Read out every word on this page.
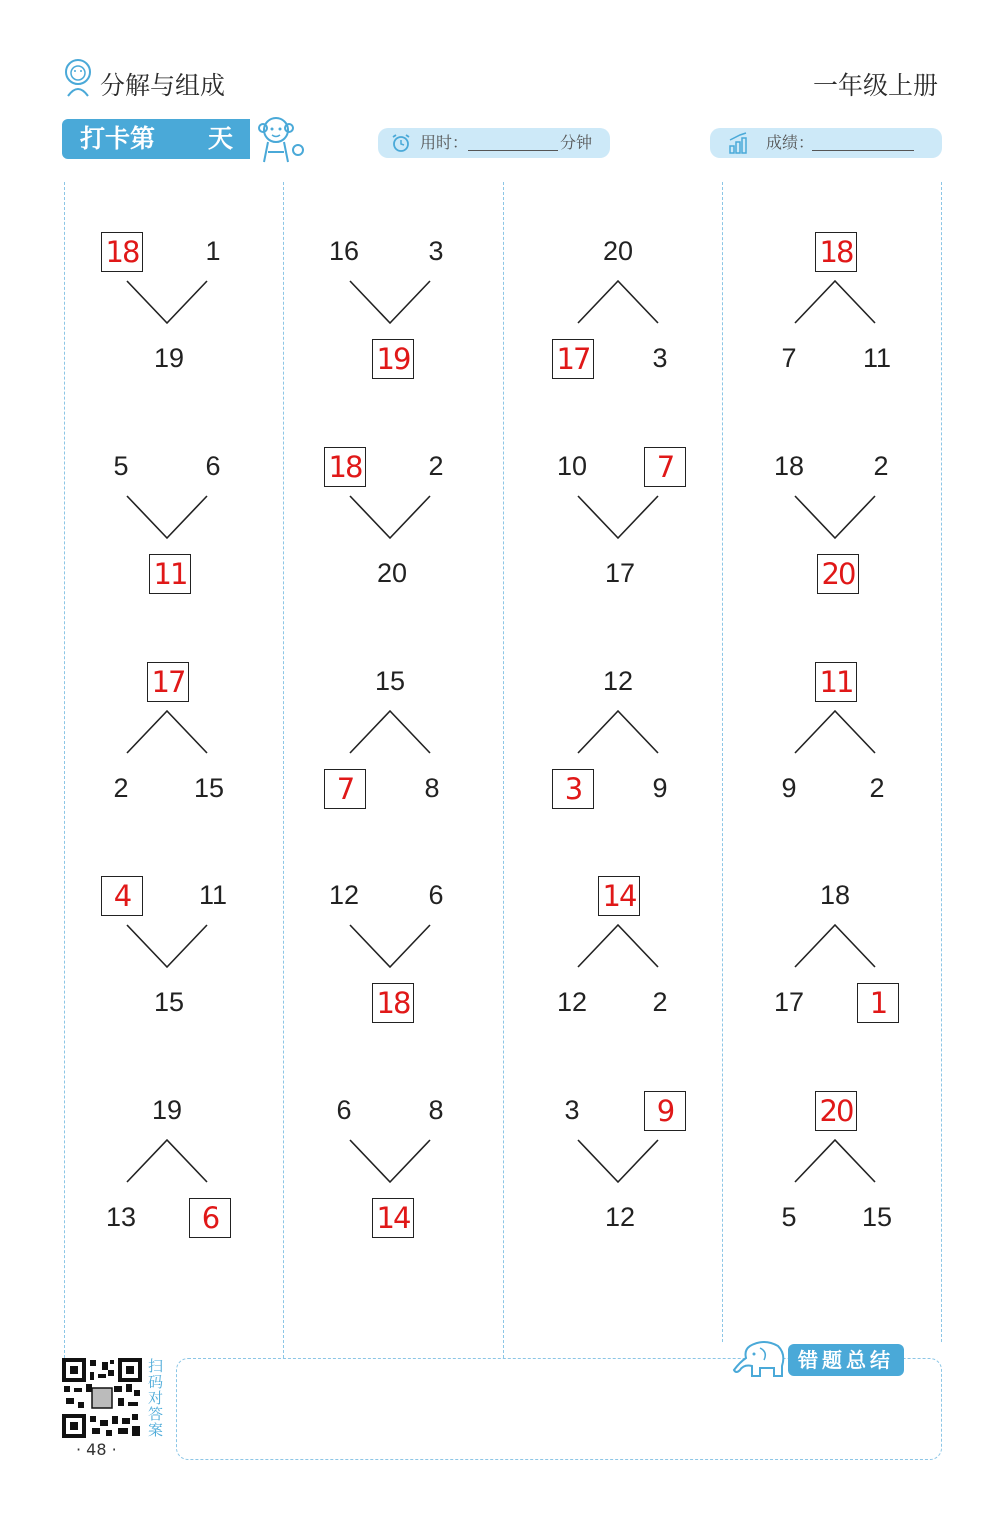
分解与组成	一年级上册
打卡第 天	用时：	分钟	成绩：
18	1
19
5	6
11
17
2	15
4	11
15
19
13	6
16	3
19
18	2
20
15
7	8
12	6
18
6	8
14
20
17	3
10	7
17
12
3	9
14
12	2
3	9
12
18
7	11
18	2
20
11
9	2
18
17	1
20
5	15
扫码对答案
· 48 ·
错题总结
